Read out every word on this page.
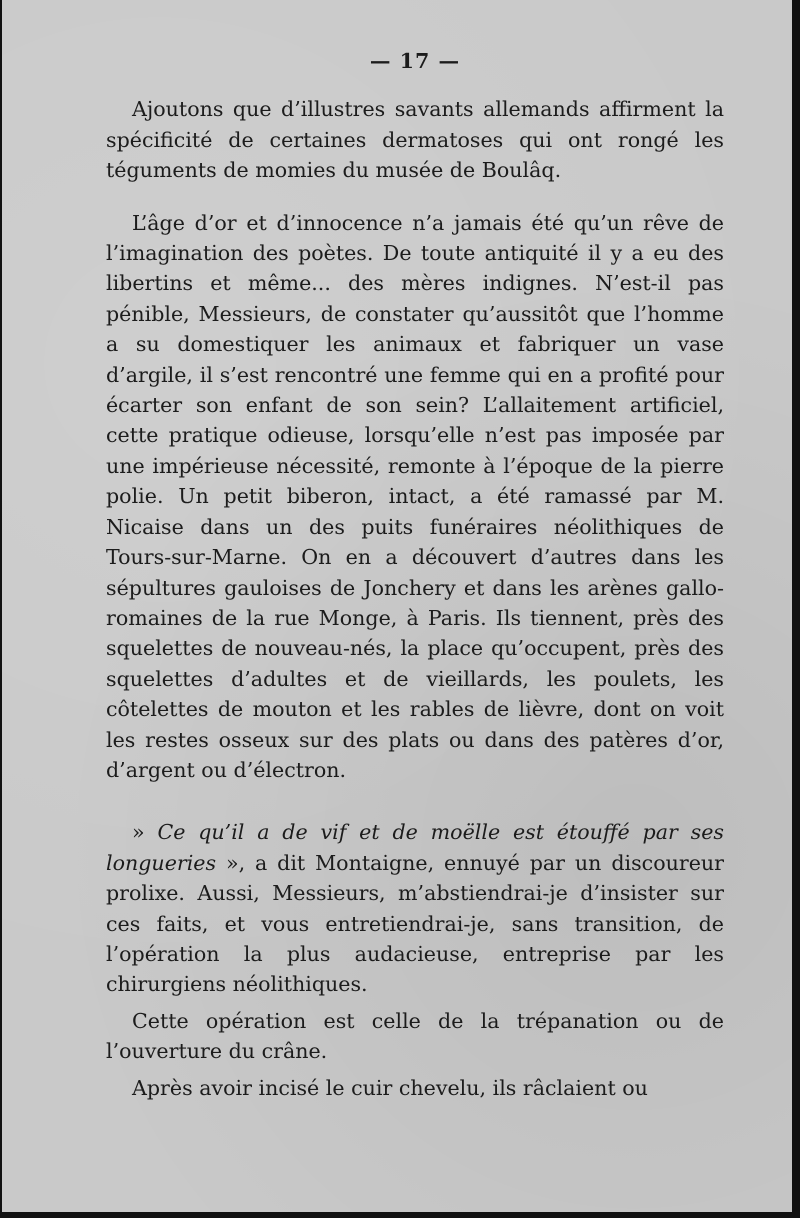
— 17 —

Ajoutons que d’illustres savants allemands affirment la spécificité de certaines dermatoses qui ont rongé les téguments de momies du musée de Boulâq.

L’âge d’or et d’innocence n’a jamais été qu’un rêve de l’imagination des poètes. De toute antiquité il y a eu des libertins et même... des mères indignes. N’est-il pas pénible, Messieurs, de constater qu’aussitôt que l’homme a su domestiquer les animaux et fabriquer un vase d’argile, il s’est rencontré une femme qui en a profité pour écarter son enfant de son sein? L’allaitement artificiel, cette pratique odieuse, lorsqu’elle n’est pas imposée par une impérieuse nécessité, remonte à l’époque de la pierre polie. Un petit biberon, intact, a été ramassé par M. Nicaise dans un des puits funéraires néolithiques de Tours-sur-Marne. On en a découvert d’autres dans les sépultures gauloises de Jonchery et dans les arènes gallo-romaines de la rue Monge, à Paris. Ils tiennent, près des squelettes de nouveau-nés, la place qu’occupent, près des squelettes d’adultes et de vieillards, les poulets, les côtelettes de mouton et les rables de lièvre, dont on voit les restes osseux sur des plats ou dans des patères d’or, d’argent ou d’électron.

» Ce qu’il a de vif et de moëlle est étouffé par ses longueries », a dit Montaigne, ennuyé par un discoureur prolixe. Aussi, Messieurs, m’abstiendrai-je d’insister sur ces faits, et vous entretiendrai-je, sans transition, de l’opération la plus audacieuse, entreprise par les chirurgiens néolithiques.

Cette opération est celle de la trépanation ou de l’ouverture du crâne.

Après avoir incisé le cuir chevelu, ils râclaient ou
